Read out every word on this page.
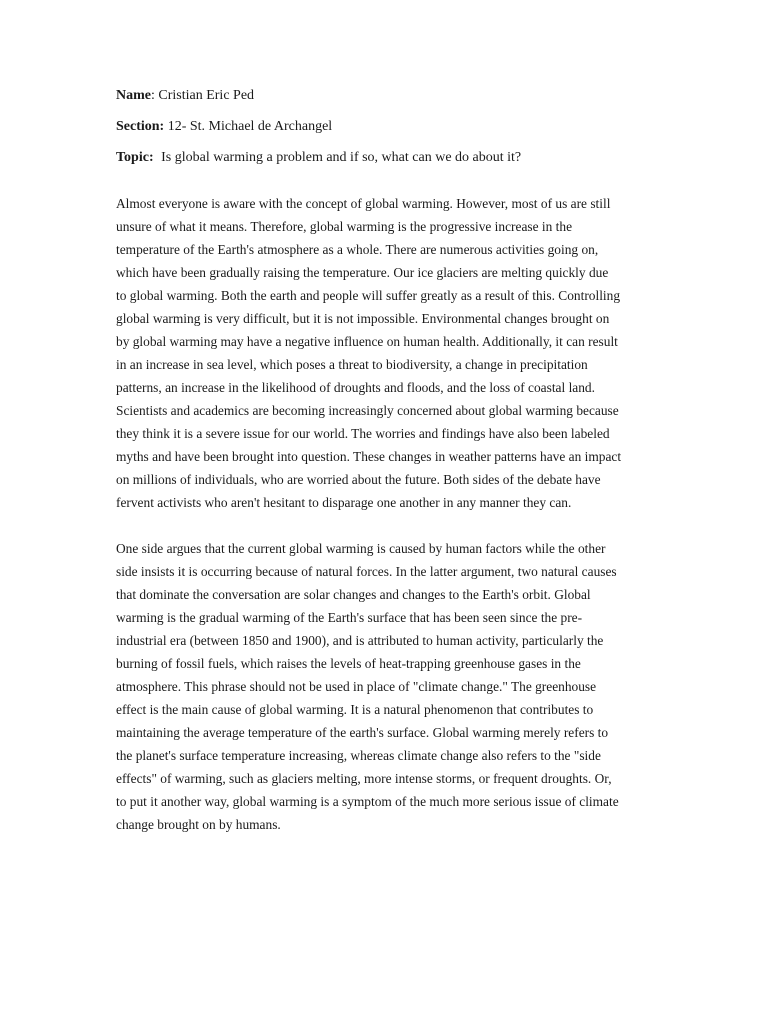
Name: Cristian Eric Ped

Section: 12- St. Michael de Archangel

Topic: Is global warming a problem and if so, what can we do about it?

Almost everyone is aware with the concept of global warming. However, most of us are still
unsure of what it means. Therefore, global warming is the progressive increase in the
temperature of the Earth's atmosphere as a whole. There are numerous activities going on,
which have been gradually raising the temperature. Our ice glaciers are melting quickly due
to global warming. Both the earth and people will suffer greatly as a result of this. Controlling
global warming is very difficult, but it is not impossible. Environmental changes brought on
by global warming may have a negative influence on human health. Additionally, it can result
in an increase in sea level, which poses a threat to biodiversity, a change in precipitation
patterns, an increase in the likelihood of droughts and floods, and the loss of coastal land.
Scientists and academics are becoming increasingly concerned about global warming because
they think it is a severe issue for our world. The worries and findings have also been labeled
myths and have been brought into question. These changes in weather patterns have an impact
on millions of individuals, who are worried about the future. Both sides of the debate have
fervent activists who aren't hesitant to disparage one another in any manner they can.

One side argues that the current global warming is caused by human factors while the other
side insists it is occurring because of natural forces. In the latter argument, two natural causes
that dominate the conversation are solar changes and changes to the Earth's orbit. Global
warming is the gradual warming of the Earth's surface that has been seen since the pre-
industrial era (between 1850 and 1900), and is attributed to human activity, particularly the
burning of fossil fuels, which raises the levels of heat-trapping greenhouse gases in the
atmosphere. This phrase should not be used in place of "climate change." The greenhouse
effect is the main cause of global warming. It is a natural phenomenon that contributes to
maintaining the average temperature of the earth's surface. Global warming merely refers to
the planet's surface temperature increasing, whereas climate change also refers to the "side
effects" of warming, such as glaciers melting, more intense storms, or frequent droughts. Or,
to put it another way, global warming is a symptom of the much more serious issue of climate
change brought on by humans.
